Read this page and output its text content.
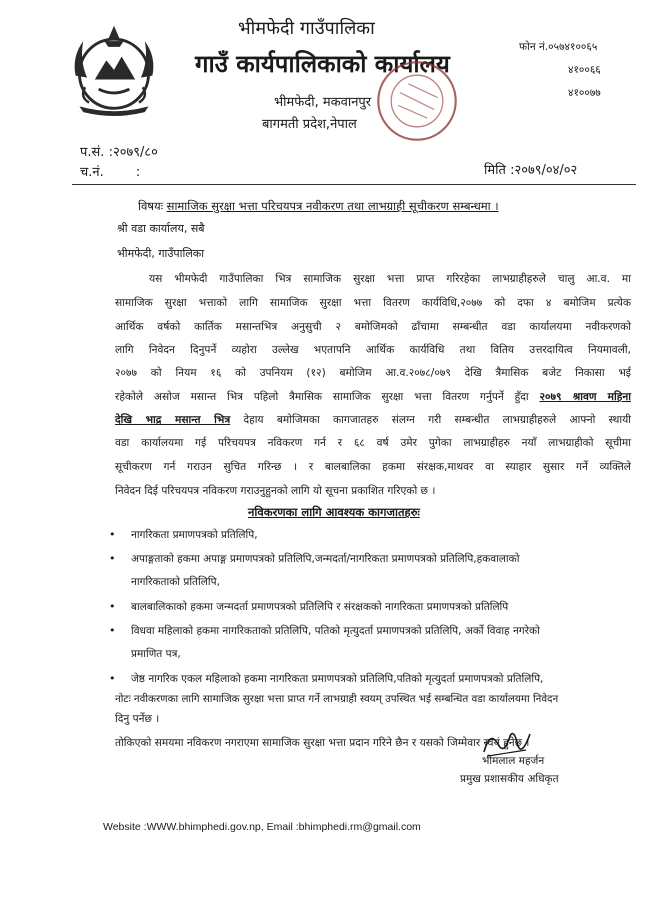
भीमफेदी गाउँपालिका
गाउँ कार्यपालिकाको कार्यालय
भीमफेदी, मकवानपुर
बागमती प्रदेश,नेपाल
फोन नं.०५७४१००६५
४१००६६
४१००७७
प.सं. :२०७९/८०
च.नं. :	मिति :२०७९/०४/०२
विषयः सामाजिक सुरक्षा भत्ता परिचयपत्र नवीकरण तथा लाभग्राही सूचीकरण सम्बन्धमा ।
श्री वडा कार्यालय, सबै
भीमफेदी, गाउँपालिका
यस भीमफेदी गाउँपालिका भित्र सामाजिक सुरक्षा भत्ता प्राप्त गरिरहेका लाभग्राहीहरुले चालु आ.व. मा
सामाजिक सुरक्षा भत्ताको लागि सामाजिक सुरक्षा भत्ता वितरण कार्यविधि,२०७७ को दफा ४ बमोजिम प्रत्येक
आर्थिक वर्षको कार्तिक मसान्तभित्र अनुसुची २ बमोजिमको ढाँचामा सम्बन्धीत वडा कार्यालयमा नवीकरणको
लागि निवेदन दिनुपर्ने व्यहोरा उल्लेख भएतापनि आर्थिक कार्यविधि तथा वितिय उत्तरदायित्व नियमावली,
२०७७ को नियम १६ को उपनियम (१२) बमोजिम आ.व.२०७८/०७९ देखि त्रैमासिक बजेट निकासा भई
रहेकोले असोज मसान्त भित्र पहिलो त्रैमासिक सामाजिक सुरक्षा भत्ता वितरण गर्नुपर्ने हुँदा २०७९ श्रावण महिना
देखि भाद्र मसान्त भित्र देहाय बमोजिमका कागजातहरु संलग्न गरी सम्बन्धीत लाभग्राहीहरुले आफ्नो स्थायी
वडा कार्यालयमा गई परिचयपत्र नविकरण गर्न र ६८ वर्ष उमेर पुगेका लाभग्राहीहरु नयाँ लाभग्राहीको सूचीमा
सूचीकरण गर्न गराउन सुचित गरिन्छ । र बालबालिका हकमा संरक्षक,माथवर वा स्याहार सुसार गर्ने व्यक्तिले
निवेदन दिई परिचयपत्र नविकरण गराउनुहुनको लागि यो सूचना प्रकाशित गरिएको छ ।
नविकरणका लागि आवश्यक कागजातहरुः
• नागरिकता प्रमाणपत्रको प्रतिलिपि,
• अपाङ्गताको हकमा अपाङ्ग प्रमाणपत्रको प्रतिलिपि,जन्मदर्ता/नागरिकता प्रमाणपत्रको प्रतिलिपि,हकवालाको
नागरिकताको प्रतिलिपि,
• बालबालिकाको हकमा जन्मदर्ता प्रमाणपत्रको प्रतिलिपि र संरक्षकको नागरिकता प्रमाणपत्रको प्रतिलिपि
• विधवा महिलाको हकमा नागरिकताको प्रतिलिपि, पतिको मृत्युदर्ता प्रमाणपत्रको प्रतिलिपि, अर्को विवाह नगरेको
प्रमाणित पत्र,
• जेष्ठ नागरिक एकल महिलाको हकमा नागरिकता प्रमाणपत्रको प्रतिलिपि,पतिको मृत्युदर्ता प्रमाणपत्रको प्रतिलिपि,
नोटः नवीकरणका लागि सामाजिक सुरक्षा भत्ता प्राप्त गर्ने लाभग्राही स्वयम् उपस्थित भई सम्बन्धित वडा कार्यालयमा निवेदन
दिनु पर्नेछ ।
तोकिएको समयमा नविकरण नगराएमा सामाजिक सुरक्षा भत्ता प्रदान गरिने छैन र यसको जिम्मेवार स्वयं हुनेछ ।
भीमलाल महर्जन
प्रमुख प्रशासकीय अधिकृत
Website :WWW.bhimphedi.gov.np, Email :bhimphedi.rm@gmail.com
